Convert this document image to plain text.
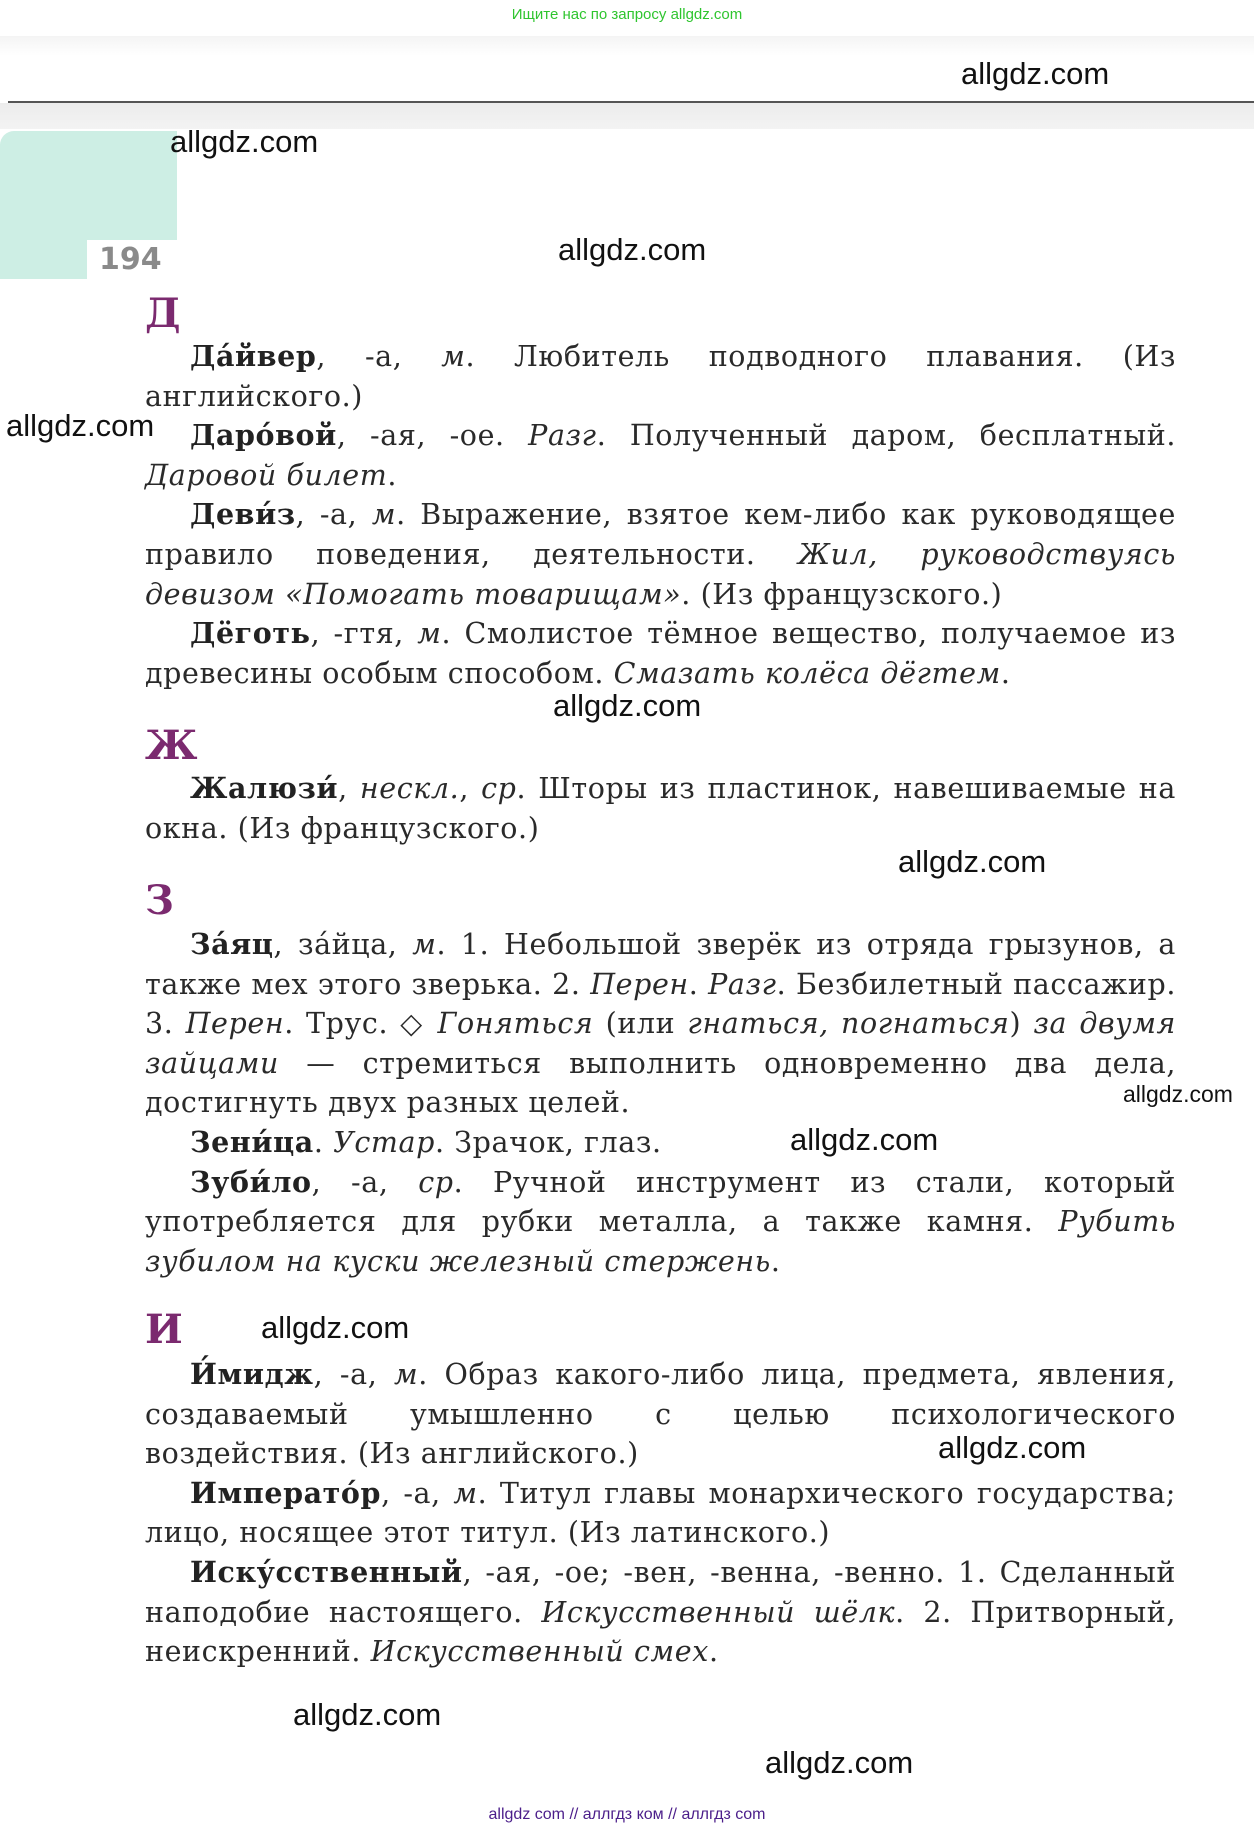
Ищите нас по запросу allgdz.com
194
Д

Да́йвер, -а, м. Любитель подводного плавания. (Из английского.)

Даро́вой, -ая, -ое. Разг. Полученный даром, бесплатный. Даровой билет.

Деви́з, -а, м. Выражение, взятое кем-либо как руководящее правило поведения, деятельности. Жил, руководствуясь девизом «Помогать товарищам». (Из французского.)

Дёготь, -гтя, м. Смолистое тёмное вещество, получаемое из древесины особым способом. Смазать колёса дёгтем.

Ж

Жалюзи́, нескл., ср. Шторы из пластинок, навешиваемые на окна. (Из французского.)

З

За́яц, за́йца, м. 1. Небольшой зверёк из отряда грызунов, а также мех этого зверька. 2. Перен. Разг. Безбилетный пассажир. 3. Перен. Трус. ◇ Гоняться (или гнаться, погнаться) за двумя зайцами — стремиться выполнить одновременно два дела, достигнуть двух разных целей.

Зени́ца. Устар. Зрачок, глаз.

Зуби́ло, -а, ср. Ручной инструмент из стали, который употребляется для рубки металла, а также камня. Рубить зубилом на куски железный стержень.

И

И́мидж, -а, м. Образ какого-либо лица, предмета, явления, создаваемый умышленно с целью психологического воздействия. (Из английского.)

Императо́р, -а, м. Титул главы монархического государства; лицо, носящее этот титул. (Из латинского.)

Иску́сственный, -ая, -ое; -вен, -венна, -венно. 1. Сделанный наподобие настоящего. Искусственный шёлк. 2. Притворный, неискренний. Искусственный смех.

allgdz.com
allgdz.com
allgdz.com
allgdz.com
allgdz.com
allgdz.com
allgdz.com
allgdz.com
allgdz.com
allgdz.com
allgdz.com
allgdz.com
allgdz com // аллгдз ком // аллгдз com
